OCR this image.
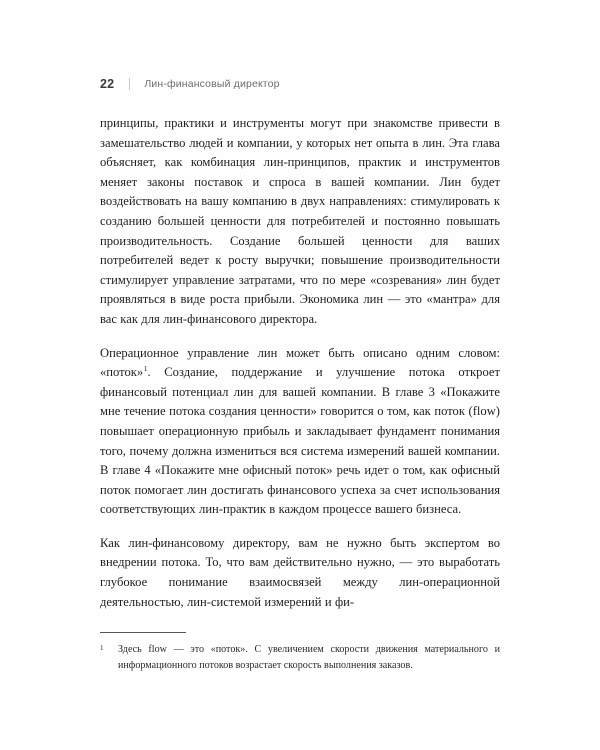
22	Лин-финансовый директор

принципы, практики и инструменты могут при знакомстве привести в замешательство людей и компании, у которых нет опыта в лин. Эта глава объясняет, как комбинация лин-принципов, практик и инструментов меняет законы поставок и спроса в вашей компании. Лин будет воздействовать на вашу компанию в двух направлениях: стимулировать к созданию большей ценности для потребителей и постоянно повышать производительность. Создание большей ценности для ваших потребителей ведет к росту выручки; повышение производительности стимулирует управление затратами, что по мере «созревания» лин будет проявляться в виде роста прибыли. Экономика лин — это «мантра» для вас как для лин-финансового директора.

Операционное управление лин может быть описано одним словом: «поток»$^1$. Создание, поддержание и улучшение потока откроет финансовый потенциал лин для вашей компании. В главе 3 «Покажите мне течение потока создания ценности» говорится о том, как поток (flow) повышает операционную прибыль и закладывает фундамент понимания того, почему должна измениться вся система измерений вашей компании. В главе 4 «Покажите мне офисный поток» речь идет о том, как офисный поток помогает лин достигать финансового успеха за счет использования соответствующих лин-практик в каждом процессе вашего бизнеса.

Как лин-финансовому директору, вам не нужно быть экспертом во внедрении потока. То, что вам действительно нужно, — это выработать глубокое понимание взаимосвязей между лин-операционной деятельностью, лин-системой измерений и фи-

1	Здесь flow — это «поток». С увеличением скорости движения материального и информационного потоков возрастает скорость выполнения заказов.
